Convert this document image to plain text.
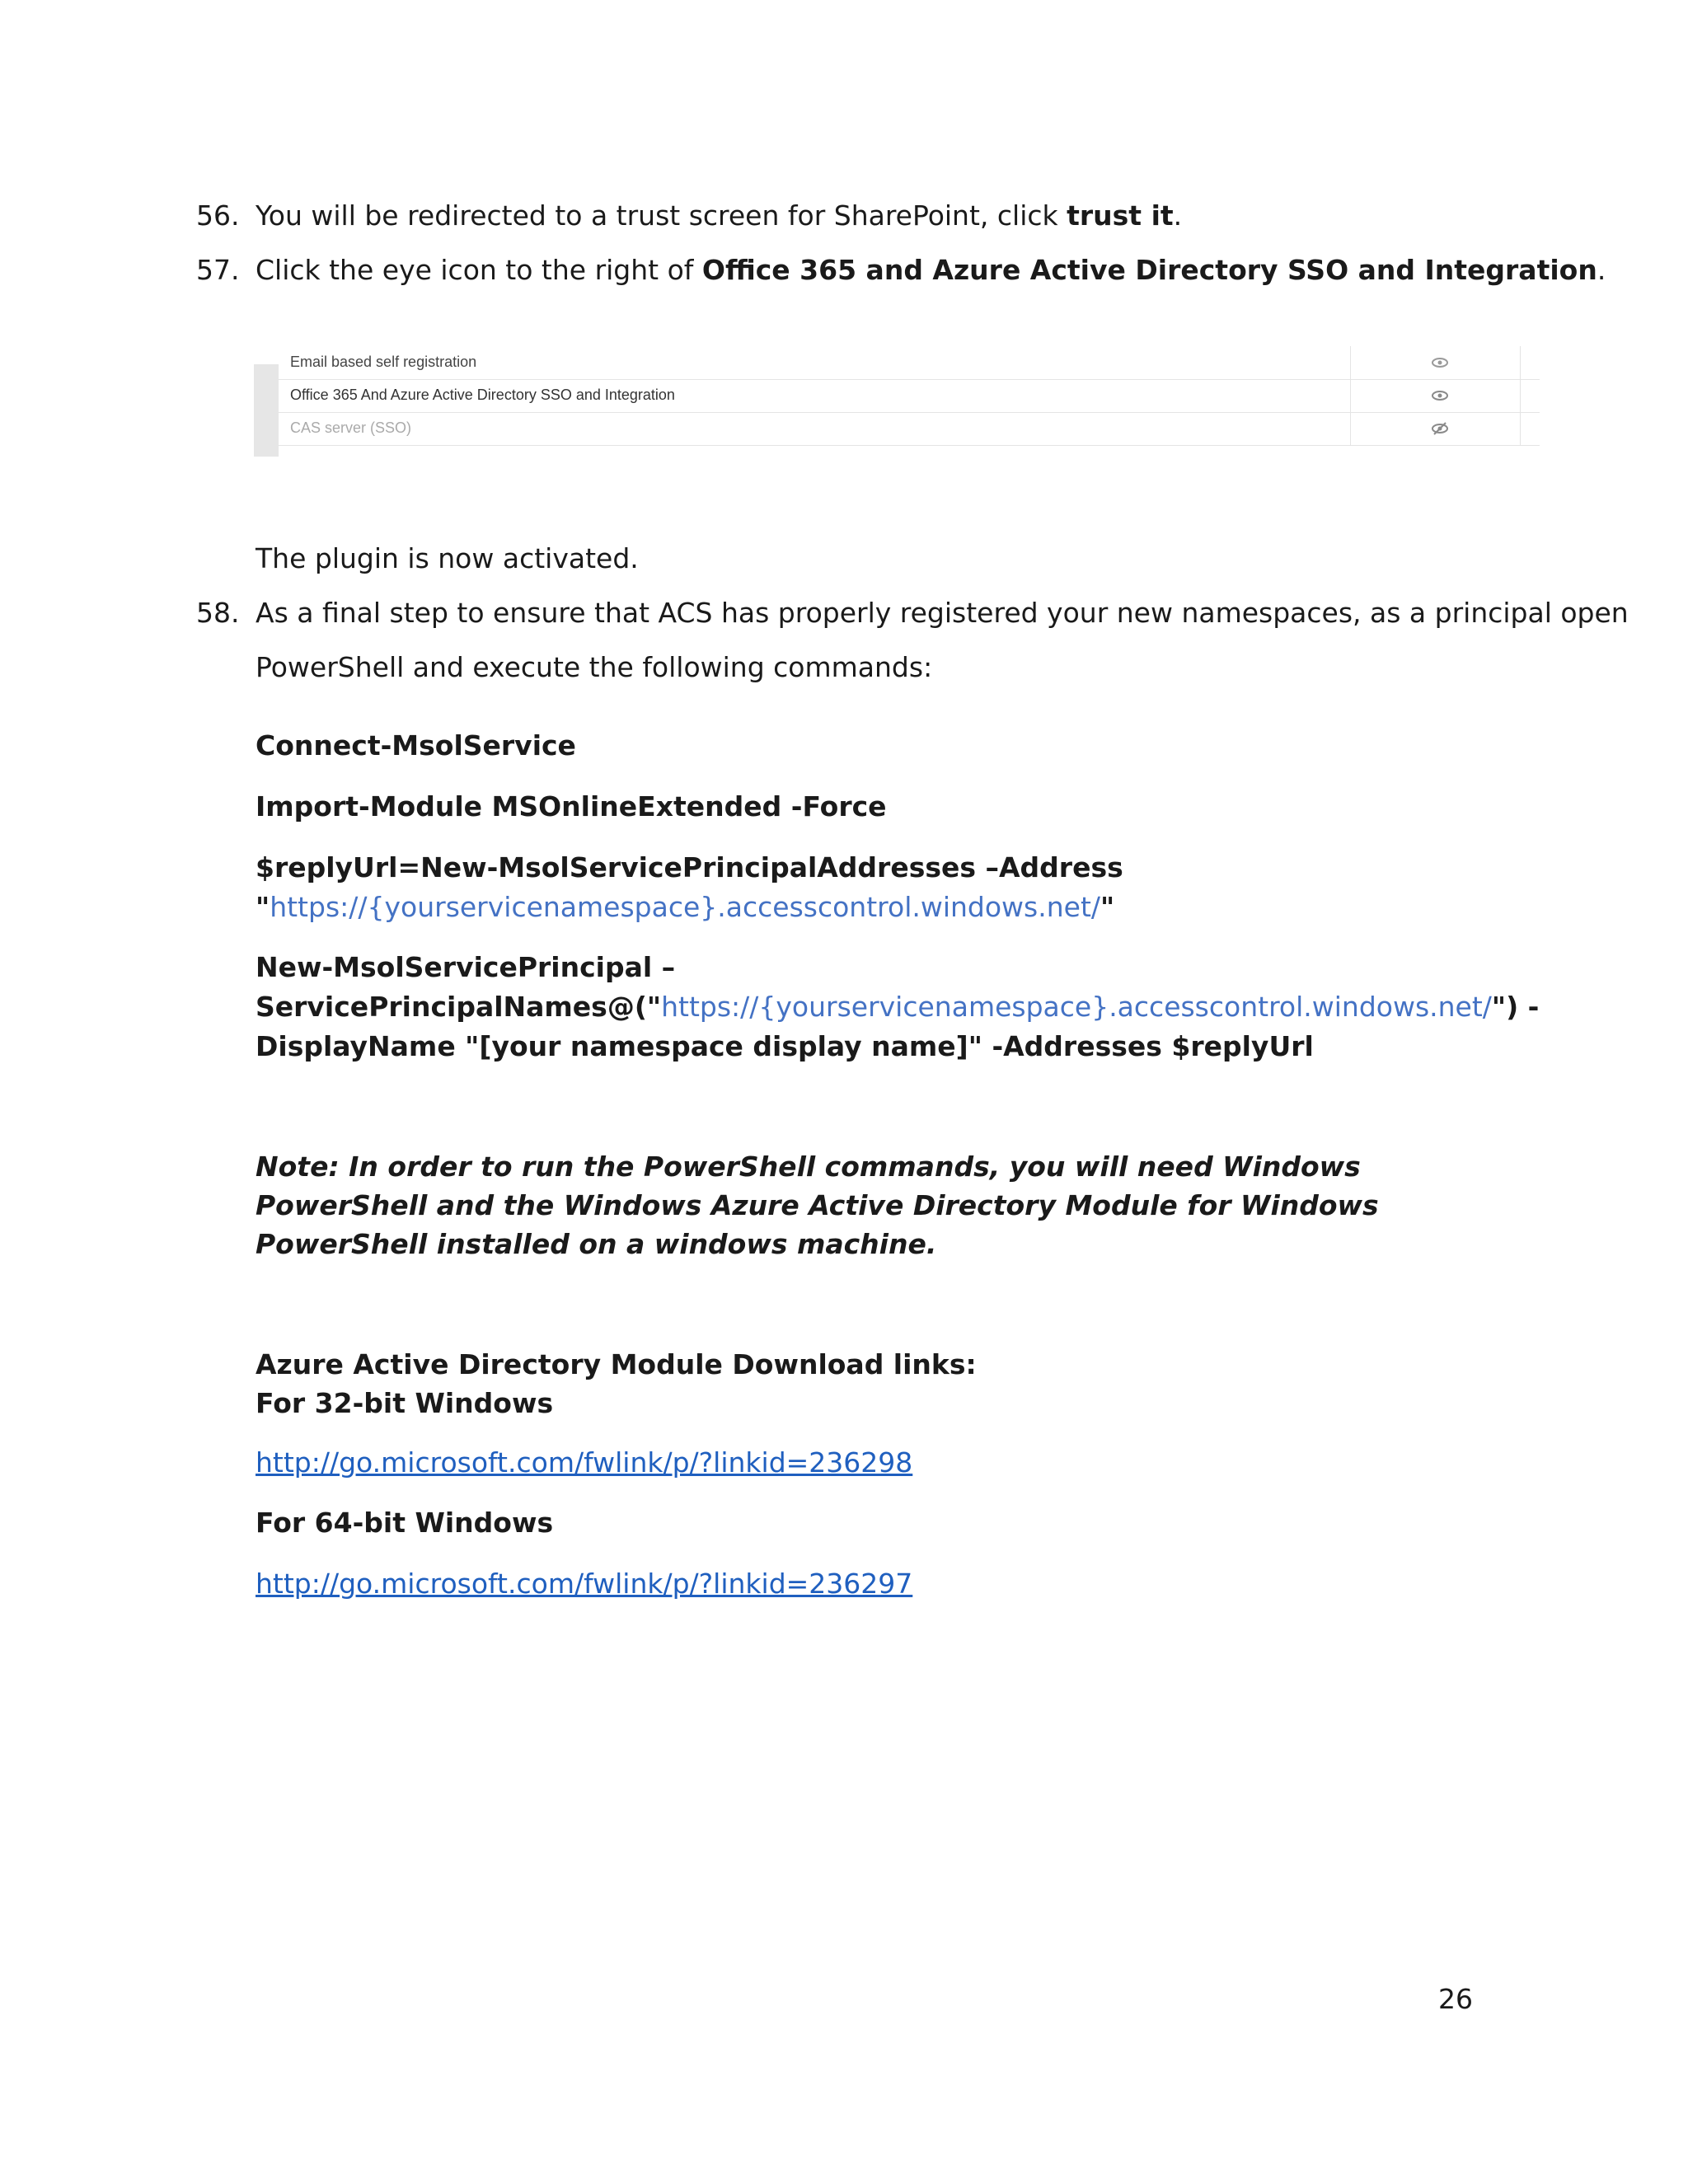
56. You will be redirected to a trust screen for SharePoint, click trust it.
57. Click the eye icon to the right of Office 365 and Azure Active Directory SSO and Integration.
Email based self registration
Office 365 And Azure Active Directory SSO and Integration
CAS server (SSO)
The plugin is now activated.
58. As a final step to ensure that ACS has properly registered your new namespaces, as a principal open
PowerShell and execute the following commands:
Connect-MsolService
Import-Module MSOnlineExtended -Force
$replyUrl=New-MsolServicePrincipalAddresses –Address
"https://{yourservicenamespace}.accesscontrol.windows.net/"
New-MsolServicePrincipal –
ServicePrincipalNames@("https://{yourservicenamespace}.accesscontrol.windows.net/") -
DisplayName "[your namespace display name]" -Addresses $replyUrl
Note: In order to run the PowerShell commands, you will need Windows PowerShell and the Windows Azure Active Directory Module for Windows PowerShell installed on a windows machine.
Azure Active Directory Module Download links:
For 32-bit Windows
http://go.microsoft.com/fwlink/p/?linkid=236298
For 64-bit Windows
http://go.microsoft.com/fwlink/p/?linkid=236297
26
